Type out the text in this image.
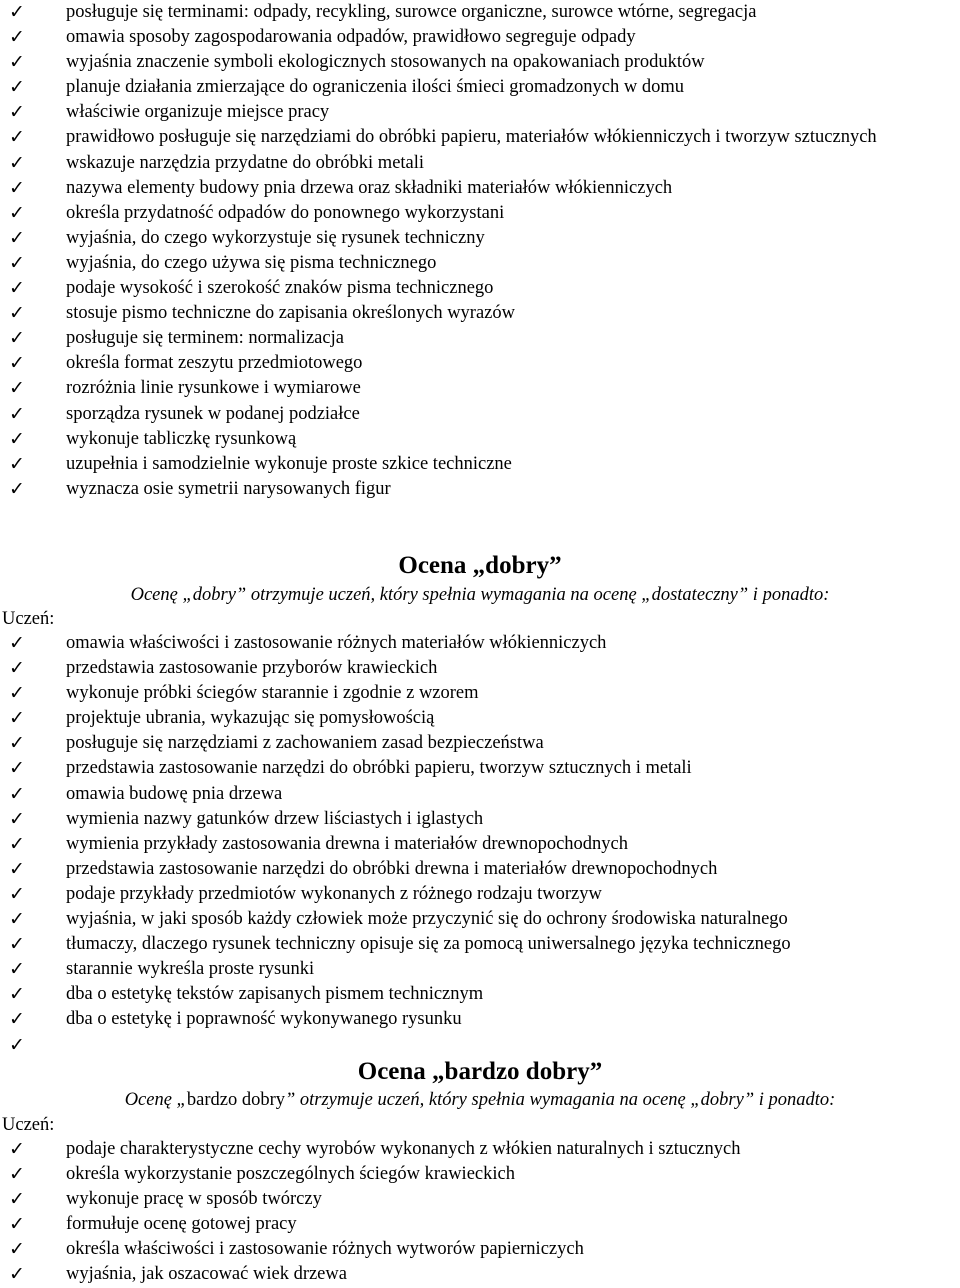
✓ posługuje się terminami: odpady, recykling, surowce organiczne, surowce wtórne, segregacja
✓ omawia sposoby zagospodarowania odpadów, prawidłowo segreguje odpady
✓ wyjaśnia znaczenie symboli ekologicznych stosowanych na opakowaniach produktów
✓ planuje działania zmierzające do ograniczenia ilości śmieci gromadzonych w domu
✓ właściwie organizuje miejsce pracy
✓ prawidłowo posługuje się narzędziami do obróbki papieru, materiałów włókienniczych i tworzyw sztucznych
✓ wskazuje narzędzia przydatne do obróbki metali
✓ nazywa elementy budowy pnia drzewa oraz składniki materiałów włókienniczych
✓ określa przydatność odpadów do ponownego wykorzystani
✓ wyjaśnia, do czego wykorzystuje się rysunek techniczny
✓ wyjaśnia, do czego używa się pisma technicznego
✓ podaje wysokość i szerokość znaków pisma technicznego
✓ stosuje pismo techniczne do zapisania określonych wyrazów
✓ posługuje się terminem: normalizacja
✓ określa format zeszytu przedmiotowego
✓ rozróżnia linie rysunkowe i wymiarowe
✓ sporządza rysunek w podanej podziałce
✓ wykonuje tabliczkę rysunkową
✓ uzupełnia i samodzielnie wykonuje proste szkice techniczne
✓ wyznacza osie symetrii narysowanych figur
Ocena „dobry”
Ocenę „dobry” otrzymuje uczeń, który spełnia wymagania na ocenę „dostateczny” i ponadto:
Uczeń:
✓ omawia właściwości i zastosowanie różnych materiałów włókienniczych
✓ przedstawia zastosowanie przyborów krawieckich
✓ wykonuje próbki ściegów starannie i zgodnie z wzorem
✓ projektuje ubrania, wykazując się pomysłowością
✓ posługuje się narzędziami z zachowaniem zasad bezpieczeństwa
✓ przedstawia zastosowanie narzędzi do obróbki papieru, tworzyw sztucznych i metali
✓ omawia budowę pnia drzewa
✓ wymienia nazwy gatunków drzew liściastych i iglastych
✓ wymienia przykłady zastosowania drewna i materiałów drewnopochodnych
✓ przedstawia zastosowanie narzędzi do obróbki drewna i materiałów drewnopochodnych
✓ podaje przykłady przedmiotów wykonanych z różnego rodzaju tworzyw
✓ wyjaśnia, w jaki sposób każdy człowiek może przyczynić się do ochrony środowiska naturalnego
✓ tłumaczy, dlaczego rysunek techniczny opisuje się za pomocą uniwersalnego języka technicznego
✓ starannie wykreśla proste rysunki
✓ dba o estetykę tekstów zapisanych pismem technicznym
✓ dba o estetykę i poprawność wykonywanego rysunku
✓
Ocena „bardzo dobry”
Ocenę „bardzo dobry” otrzymuje uczeń, który spełnia wymagania na ocenę „dobry” i ponadto:
Uczeń:
✓ podaje charakterystyczne cechy wyrobów wykonanych z włókien naturalnych i sztucznych
✓ określa wykorzystanie poszczególnych ściegów krawieckich
✓ wykonuje pracę w sposób twórczy
✓ formułuje ocenę gotowej pracy
✓ określa właściwości i zastosowanie różnych wytworów papierniczych
✓ wyjaśnia, jak oszacować wiek drzewa
